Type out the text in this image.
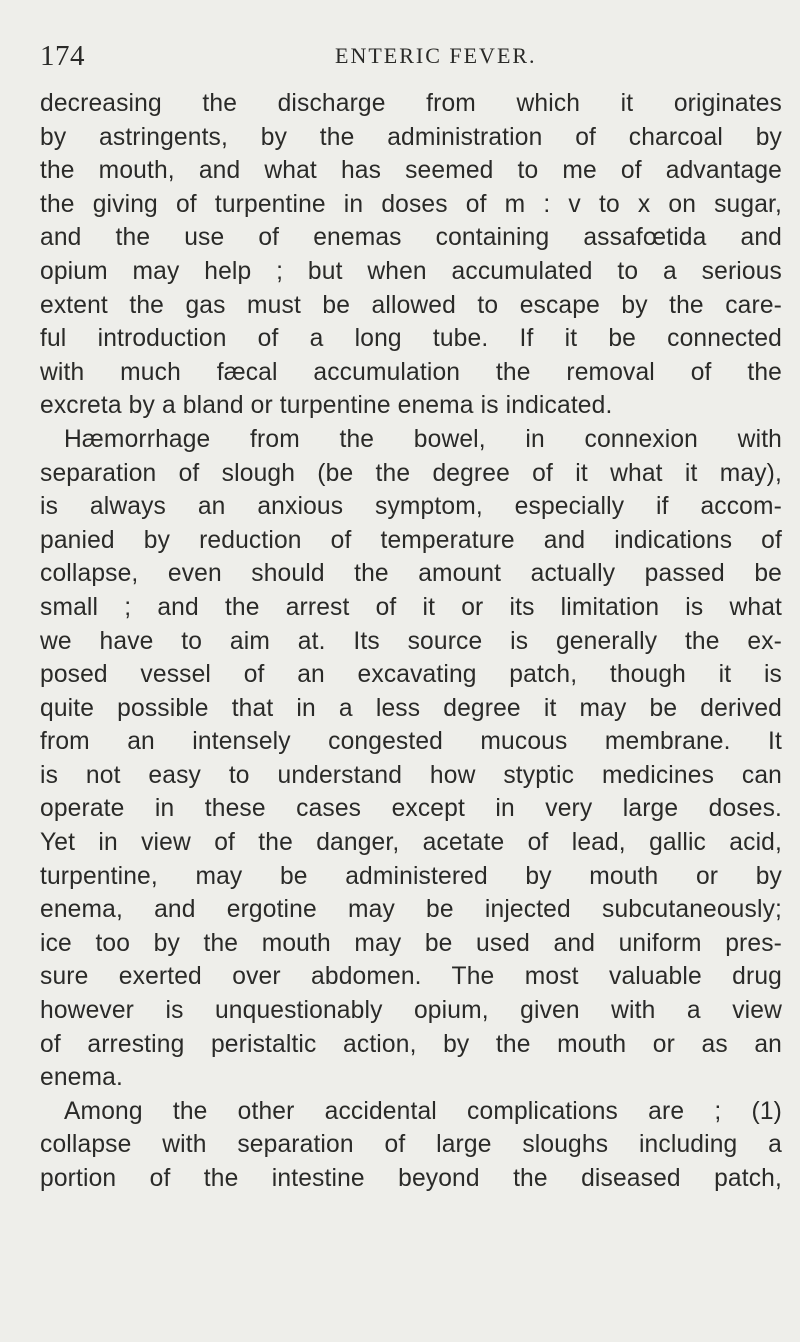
174	ENTERIC FEVER.
decreasing the discharge from which it originates
by astringents, by the administration of charcoal by
the mouth, and what has seemed to me of advantage
the giving of turpentine in doses of m : v to x on sugar,
and the use of enemas containing assafœtida and
opium may help ; but when accumulated to a serious
extent the gas must be allowed to escape by the care-
ful introduction of a long tube. If it be connected
with much fæcal accumulation the removal of the
excreta by a bland or turpentine enema is indicated.
Hæmorrhage from the bowel, in connexion with
separation of slough (be the degree of it what it may),
is always an anxious symptom, especially if accom-
panied by reduction of temperature and indications of
collapse, even should the amount actually passed be
small ; and the arrest of it or its limitation is what
we have to aim at. Its source is generally the ex-
posed vessel of an excavating patch, though it is
quite possible that in a less degree it may be derived
from an intensely congested mucous membrane. It
is not easy to understand how styptic medicines can
operate in these cases except in very large doses.
Yet in view of the danger, acetate of lead, gallic acid,
turpentine, may be administered by mouth or by
enema, and ergotine may be injected subcutaneously;
ice too by the mouth may be used and uniform pres-
sure exerted over abdomen. The most valuable drug
however is unquestionably opium, given with a view
of arresting peristaltic action, by the mouth or as an
enema.
Among the other accidental complications are ; (1)
collapse with separation of large sloughs including a
portion of the intestine beyond the diseased patch,
